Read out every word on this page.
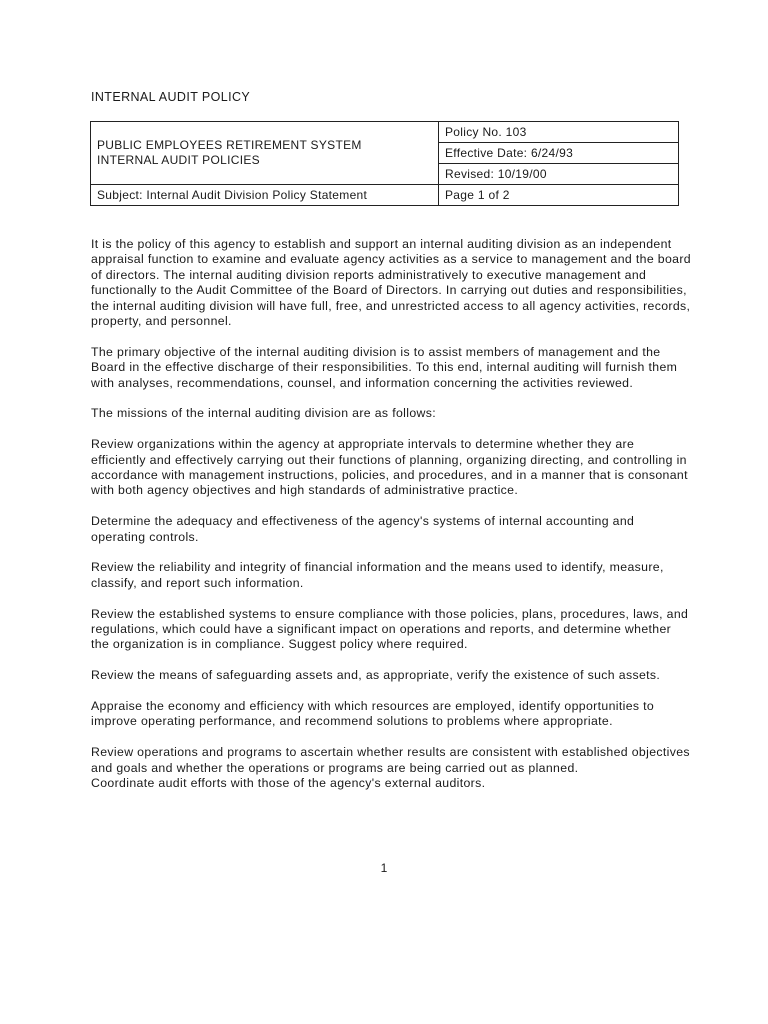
INTERNAL AUDIT POLICY
PUBLIC EMPLOYEES RETIREMENT SYSTEM
INTERNAL AUDIT POLICIES	Policy No. 103
	Effective Date: 6/24/93
	Revised: 10/19/00
Subject: Internal Audit Division Policy Statement	Page 1 of 2

It is the policy of this agency to establish and support an internal auditing division as an independent appraisal function to examine and evaluate agency activities as a service to management and the board of directors. The internal auditing division reports administratively to executive management and functionally to the Audit Committee of the Board of Directors. In carrying out duties and responsibilities, the internal auditing division will have full, free, and unrestricted access to all agency activities, records, property, and personnel.

The primary objective of the internal auditing division is to assist members of management and the Board in the effective discharge of their responsibilities. To this end, internal auditing will furnish them with analyses, recommendations, counsel, and information concerning the activities reviewed.

The missions of the internal auditing division are as follows:

Review organizations within the agency at appropriate intervals to determine whether they are efficiently and effectively carrying out their functions of planning, organizing directing, and controlling in accordance with management instructions, policies, and procedures, and in a manner that is consonant with both agency objectives and high standards of administrative practice.

Determine the adequacy and effectiveness of the agency's systems of internal accounting and operating controls.

Review the reliability and integrity of financial information and the means used to identify, measure, classify, and report such information.

Review the established systems to ensure compliance with those policies, plans, procedures, laws, and regulations, which could have a significant impact on operations and reports, and determine whether the organization is in compliance. Suggest policy where required.

Review the means of safeguarding assets and, as appropriate, verify the existence of such assets.

Appraise the economy and efficiency with which resources are employed, identify opportunities to improve operating performance, and recommend solutions to problems where appropriate.

Review operations and programs to ascertain whether results are consistent with established objectives and goals and whether the operations or programs are being carried out as planned.

Coordinate audit efforts with those of the agency's external auditors.

1
